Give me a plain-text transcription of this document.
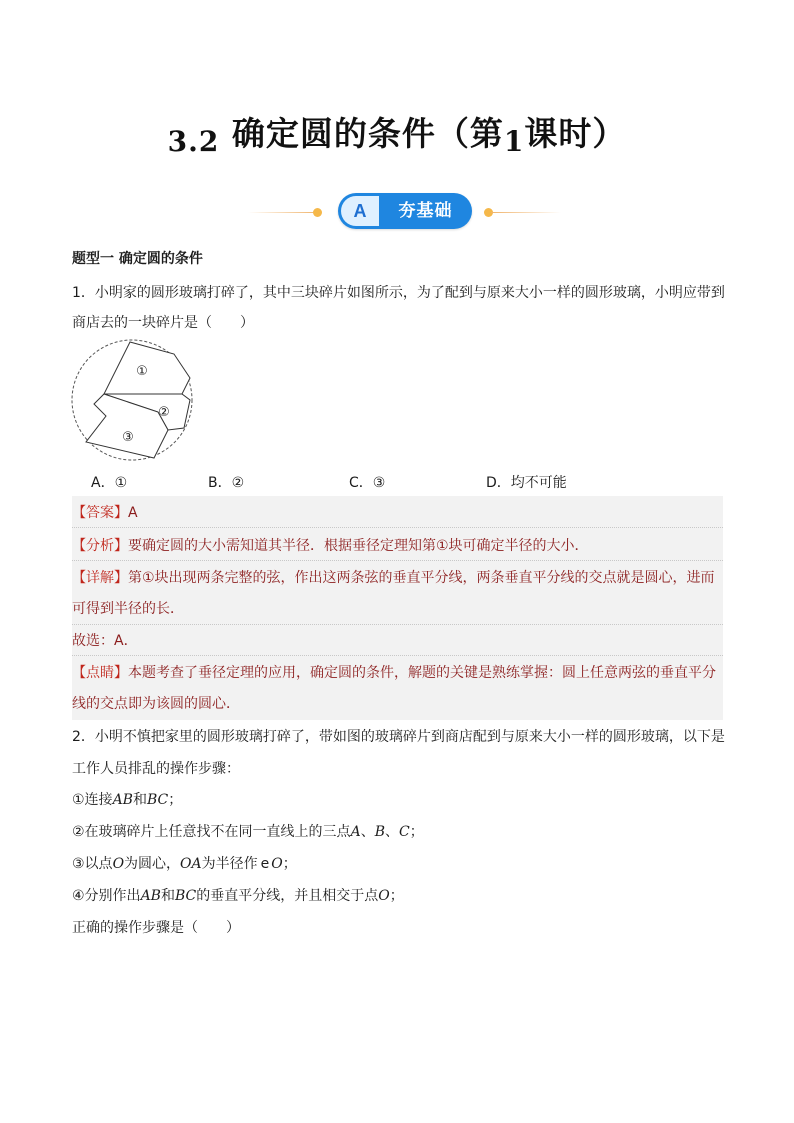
3.2 确定圆的条件（第1课时）
A	夯基础
题型一 确定圆的条件
1．小明家的圆形玻璃打碎了，其中三块碎片如图所示，为了配到与原来大小一样的圆形玻璃，小明应带到
商店去的一块碎片是（　　）
①
②
③
A．①	B．②	C．③	D．均不可能
【答案】A
【分析】要确定圆的大小需知道其半径．根据垂径定理知第①块可确定半径的大小．
【详解】第①块出现两条完整的弦，作出这两条弦的垂直平分线，两条垂直平分线的交点就是圆心，进而
可得到半径的长．
故选：A．
【点睛】本题考查了垂径定理的应用，确定圆的条件，解题的关键是熟练掌握：圆上任意两弦的垂直平分
线的交点即为该圆的圆心．
2．小明不慎把家里的圆形玻璃打碎了，带如图的玻璃碎片到商店配到与原来大小一样的圆形玻璃，以下是
工作人员排乱的操作步骤：
①连接AB和BC；
②在玻璃碎片上任意找不在同一直线上的三点A、B、C；
③以点O为圆心，OA为半径作 e O；
④分别作出AB和BC的垂直平分线，并且相交于点O；
正确的操作步骤是（　　）
